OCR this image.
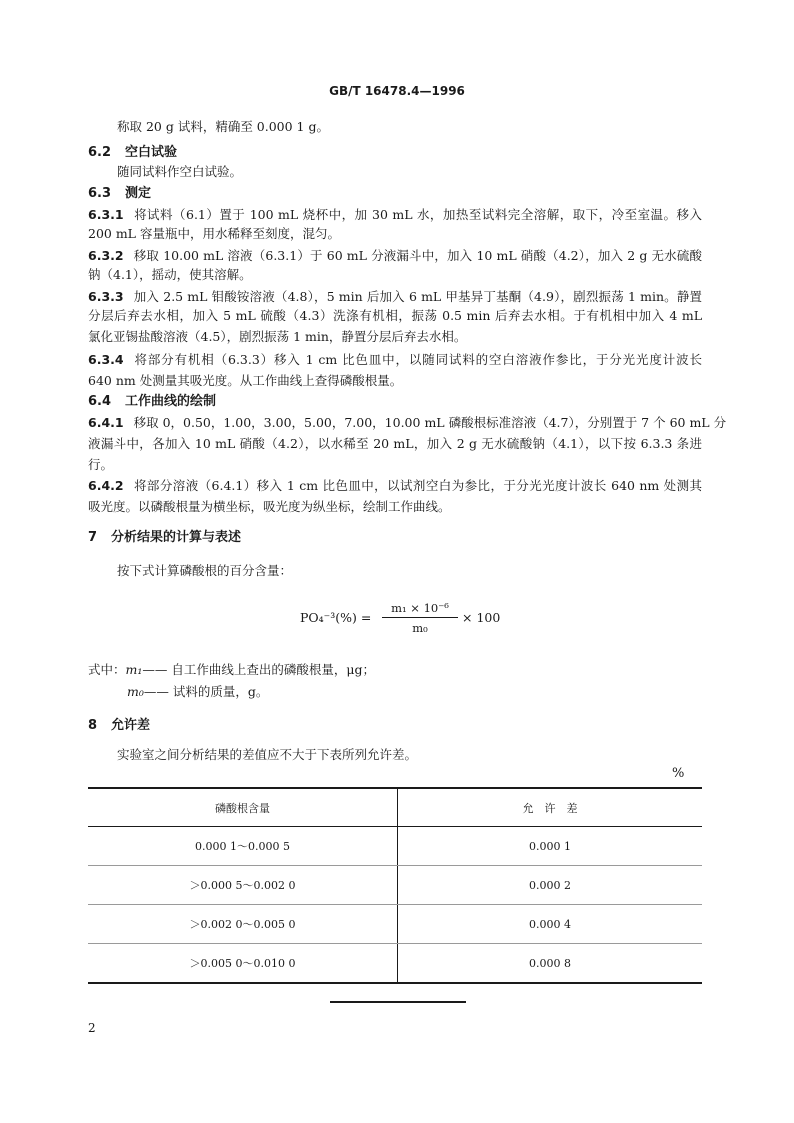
GB/T 16478.4—1996
称取 20 g 试料，精确至 0.000 1 g。
6.2 空白试验
随同试料作空白试验。
6.3 测定
6.3.1 将试料（6.1）置于 100 mL 烧杯中，加 30 mL 水，加热至试料完全溶解，取下，冷至室温。移入
200 mL 容量瓶中，用水稀释至刻度，混匀。
6.3.2 移取 10.00 mL 溶液（6.3.1）于 60 mL 分液漏斗中，加入 10 mL 硝酸（4.2），加入 2 g 无水硫酸
钠（4.1），摇动，使其溶解。
6.3.3 加入 2.5 mL 钼酸铵溶液（4.8），5 min 后加入 6 mL 甲基异丁基酮（4.9），剧烈振荡 1 min。静置
分层后弃去水相，加入 5 mL 硫酸（4.3）洗涤有机相，振荡 0.5 min 后弃去水相。于有机相中加入 4 mL
氯化亚锡盐酸溶液（4.5），剧烈振荡 1 min，静置分层后弃去水相。
6.3.4 将部分有机相（6.3.3）移入 1 cm 比色皿中，以随同试料的空白溶液作参比，于分光光度计波长
640 nm 处测量其吸光度。从工作曲线上查得磷酸根量。
6.4 工作曲线的绘制
6.4.1 移取 0，0.50，1.00，3.00，5.00，7.00，10.00 mL 磷酸根标准溶液（4.7），分别置于 7 个 60 mL 分
液漏斗中，各加入 10 mL 硝酸（4.2），以水稀至 20 mL，加入 2 g 无水硫酸钠（4.1），以下按 6.3.3 条进
行。
6.4.2 将部分溶液（6.4.1）移入 1 cm 比色皿中，以试剂空白为参比，于分光光度计波长 640 nm 处测其
吸光度。以磷酸根量为横坐标，吸光度为纵坐标，绘制工作曲线。
7 分析结果的计算与表述
按下式计算磷酸根的百分含量：
PO₄⁻³(%) =
m₁ × 10⁻⁶
m₀
× 100
式中：m₁—— 自工作曲线上查出的磷酸根量，μg；
m₀—— 试料的质量，g。
8 允许差
实验室之间分析结果的差值应不大于下表所列允许差。
%
磷酸根含量	允　许　差
0.000 1～0.000 5	0.000 1
＞0.000 5～0.002 0	0.000 2
＞0.002 0～0.005 0	0.000 4
＞0.005 0～0.010 0	0.000 8
2
